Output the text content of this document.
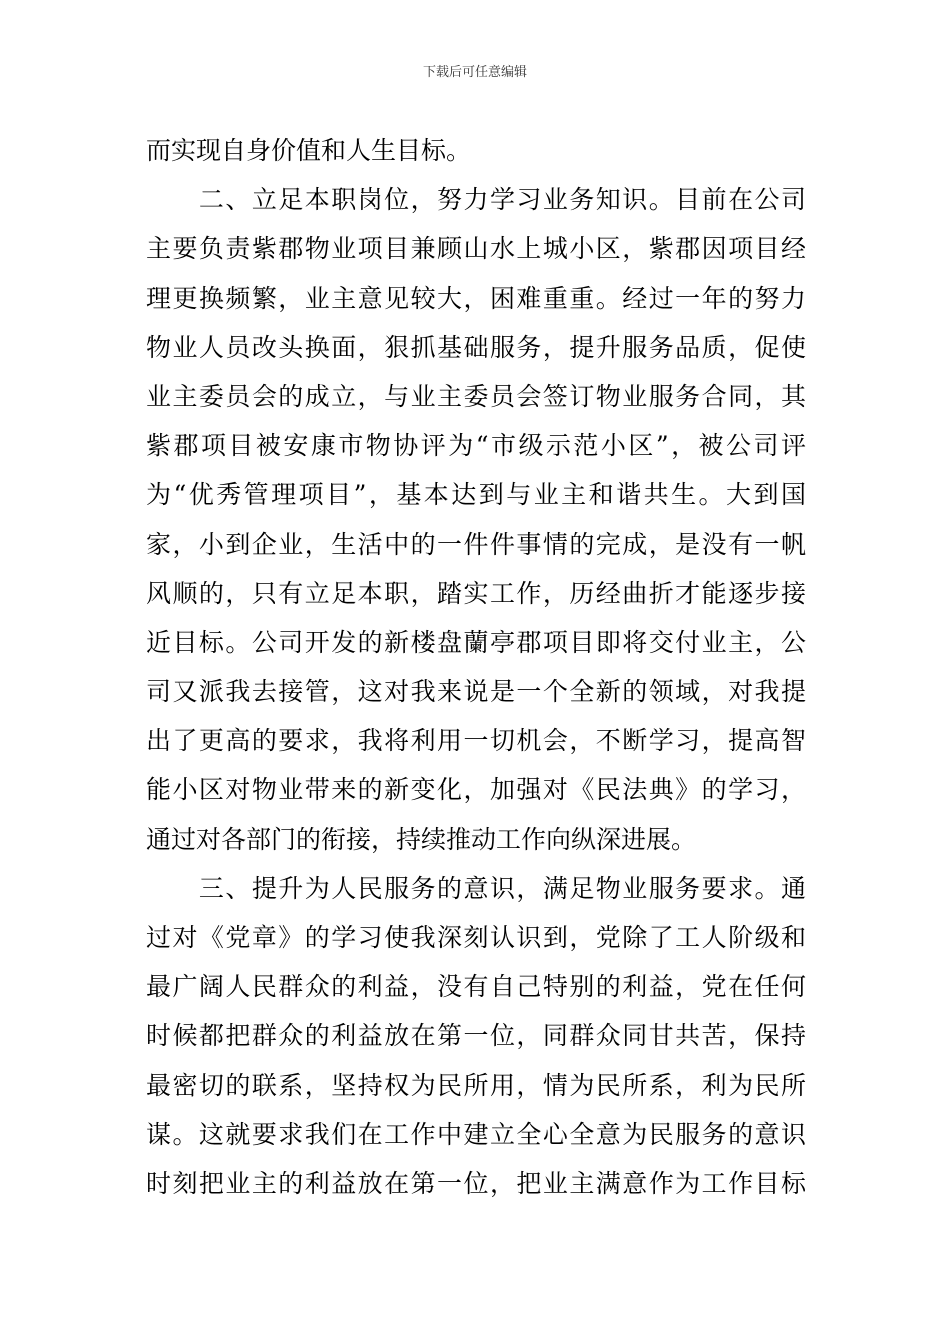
下载后可任意编辑
而实现自身价值和人生目标。
　　二、立足本职岗位，努力学习业务知识。目前在公司
主要负责紫郡物业项目兼顾山水上城小区，紫郡因项目经
理更换频繁，业主意见较大，困难重重。经过一年的努力
物业人员改头换面，狠抓基础服务，提升服务品质，促使
业主委员会的成立，与业主委员会签订物业服务合同，其
紫郡项目被安康市物协评为“市级示范小区”，被公司评
为“优秀管理项目”，基本达到与业主和谐共生。大到国
家，小到企业，生活中的一件件事情的完成，是没有一帆
风顺的，只有立足本职，踏实工作，历经曲折才能逐步接
近目标。公司开发的新楼盘蘭亭郡项目即将交付业主，公
司又派我去接管，这对我来说是一个全新的领域，对我提
出了更高的要求，我将利用一切机会，不断学习，提高智
能小区对物业带来的新变化，加强对《民法典》的学习，
通过对各部门的衔接，持续推动工作向纵深进展。
　　三、提升为人民服务的意识，满足物业服务要求。通
过对《党章》的学习使我深刻认识到，党除了工人阶级和
最广阔人民群众的利益，没有自己特别的利益，党在任何
时候都把群众的利益放在第一位，同群众同甘共苦，保持
最密切的联系，坚持权为民所用，情为民所系，利为民所
谋。这就要求我们在工作中建立全心全意为民服务的意识
时刻把业主的利益放在第一位，把业主满意作为工作目标
